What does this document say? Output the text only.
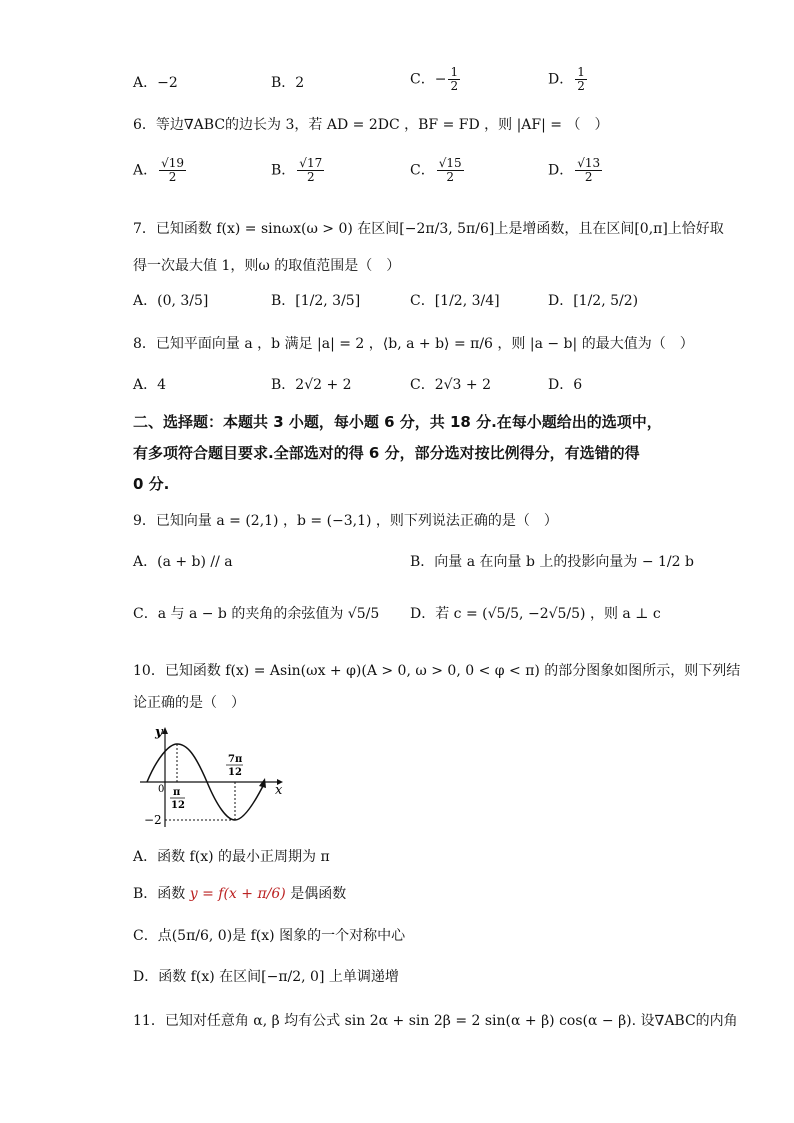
A．−2	B．2	C．− $\frac{1}{2}$	D． $\frac{1}{2}$
6．等边∇ABC的边长为 3，若 AD = 2DC ，BF = FD ，则 |AF| = （　）
A． $\frac{√19}{2}$	B． $\frac{√17}{2}$	C． $\frac{√15}{2}$	D． $\frac{√13}{2}$
7．已知函数 f(x) = sinωx(ω > 0) 在区间[−2π/3, 5π/6]上是增函数，且在区间[0,π]上恰好取
得一次最大值 1，则ω 的取值范围是（　）
A．(0, 3/5]	B．[1/2, 3/5]	C．[1/2, 3/4]	D．[1/2, 5/2)
8．已知平面向量 a ，b 满足 |a| = 2 ，⟨b, a + b⟩ = π/6 ，则 |a − b| 的最大值为（　）
A．4	B．2√2 + 2	C．2√3 + 2	D．6
二、选择题：本题共 3 小题，每小题 6 分，共 18 分.在每小题给出的选项中，
有多项符合题目要求.全部选对的得 6 分，部分选对按比例得分，有选错的得
0 分.
9．已知向量 a = (2,1) ，b = (−3,1) ，则下列说法正确的是（　）
A．(a + b) // a	B．向量 a 在向量 b 上的投影向量为 − 1/2 b
C．a 与 a − b 的夹角的余弦值为 √5/5 D．若 c = (√5/5, −2√5/5) ，则 a ⊥ c
10．已知函数 f(x) = Asin(ωx + φ)(A > 0, ω > 0, 0 < φ < π) 的部分图象如图所示，则下列结
论正确的是（　）
y
x
0 π
12
7π
12
−2
A．函数 f(x) 的最小正周期为 π
B．函数 y = f(x + π/6) 是偶函数
C．点(5π/6, 0)是 f(x) 图象的一个对称中心
D．函数 f(x) 在区间[−π/2, 0] 上单调递增
11．已知对任意角 α, β 均有公式 sin 2α + sin 2β = 2 sin(α + β) cos(α − β). 设∇ABC的内角
